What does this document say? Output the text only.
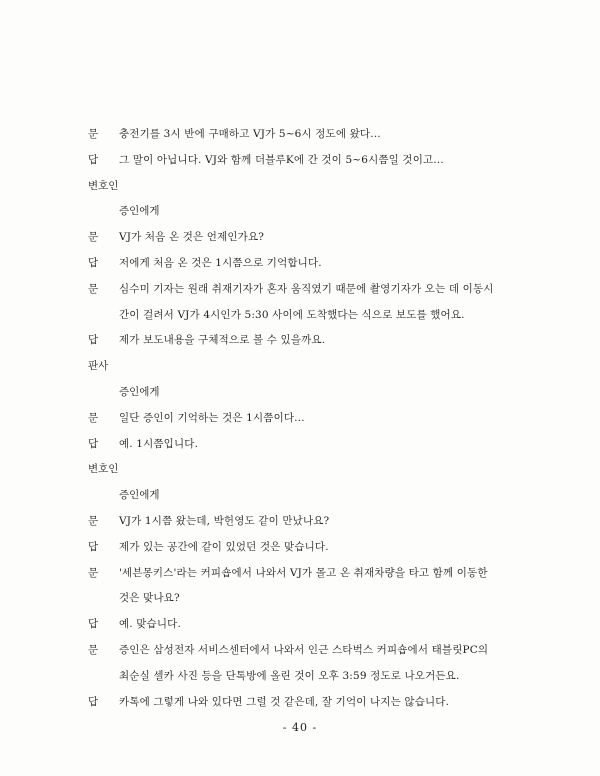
문 충전기를 3시 반에 구매하고 VJ가 5~6시 정도에 왔다…
답 그 말이 아닙니다. VJ와 함께 더블루K에 간 것이 5~6시쯤일 것이고…
변호인
증인에게
문 VJ가 처음 온 것은 언제인가요?
답 저에게 처음 온 것은 1시쯤으로 기억합니다.
문 심수미 기자는 원래 취재기자가 혼자 움직였기 때문에 촬영기자가 오는 데 이동시
간이 걸려서 VJ가 4시인가 5:30 사이에 도착했다는 식으로 보도를 했어요.
답 제가 보도내용을 구체적으로 볼 수 있을까요.
판사
증인에게
문 일단 증인이 기억하는 것은 1시쯤이다…
답 예. 1시쯤입니다.
변호인
증인에게
문 VJ가 1시쯤 왔는데, 박헌영도 같이 만났나요?
답 제가 있는 공간에 같이 있었던 것은 맞습니다.
문 '세븐몽키스'라는 커피숍에서 나와서 VJ가 몰고 온 취재차량을 타고 함께 이동한
것은 맞나요?
답 예. 맞습니다.
문 증인은 삼성전자 서비스센터에서 나와서 인근 스타벅스 커피숍에서 태블릿PC의
최순실 셀카 사진 등을 단톡방에 올린 것이 오후 3:59 정도로 나오거든요.
답 카톡에 그렇게 나와 있다면 그럴 것 같은데, 잘 기억이 나지는 않습니다.
- 40 -
